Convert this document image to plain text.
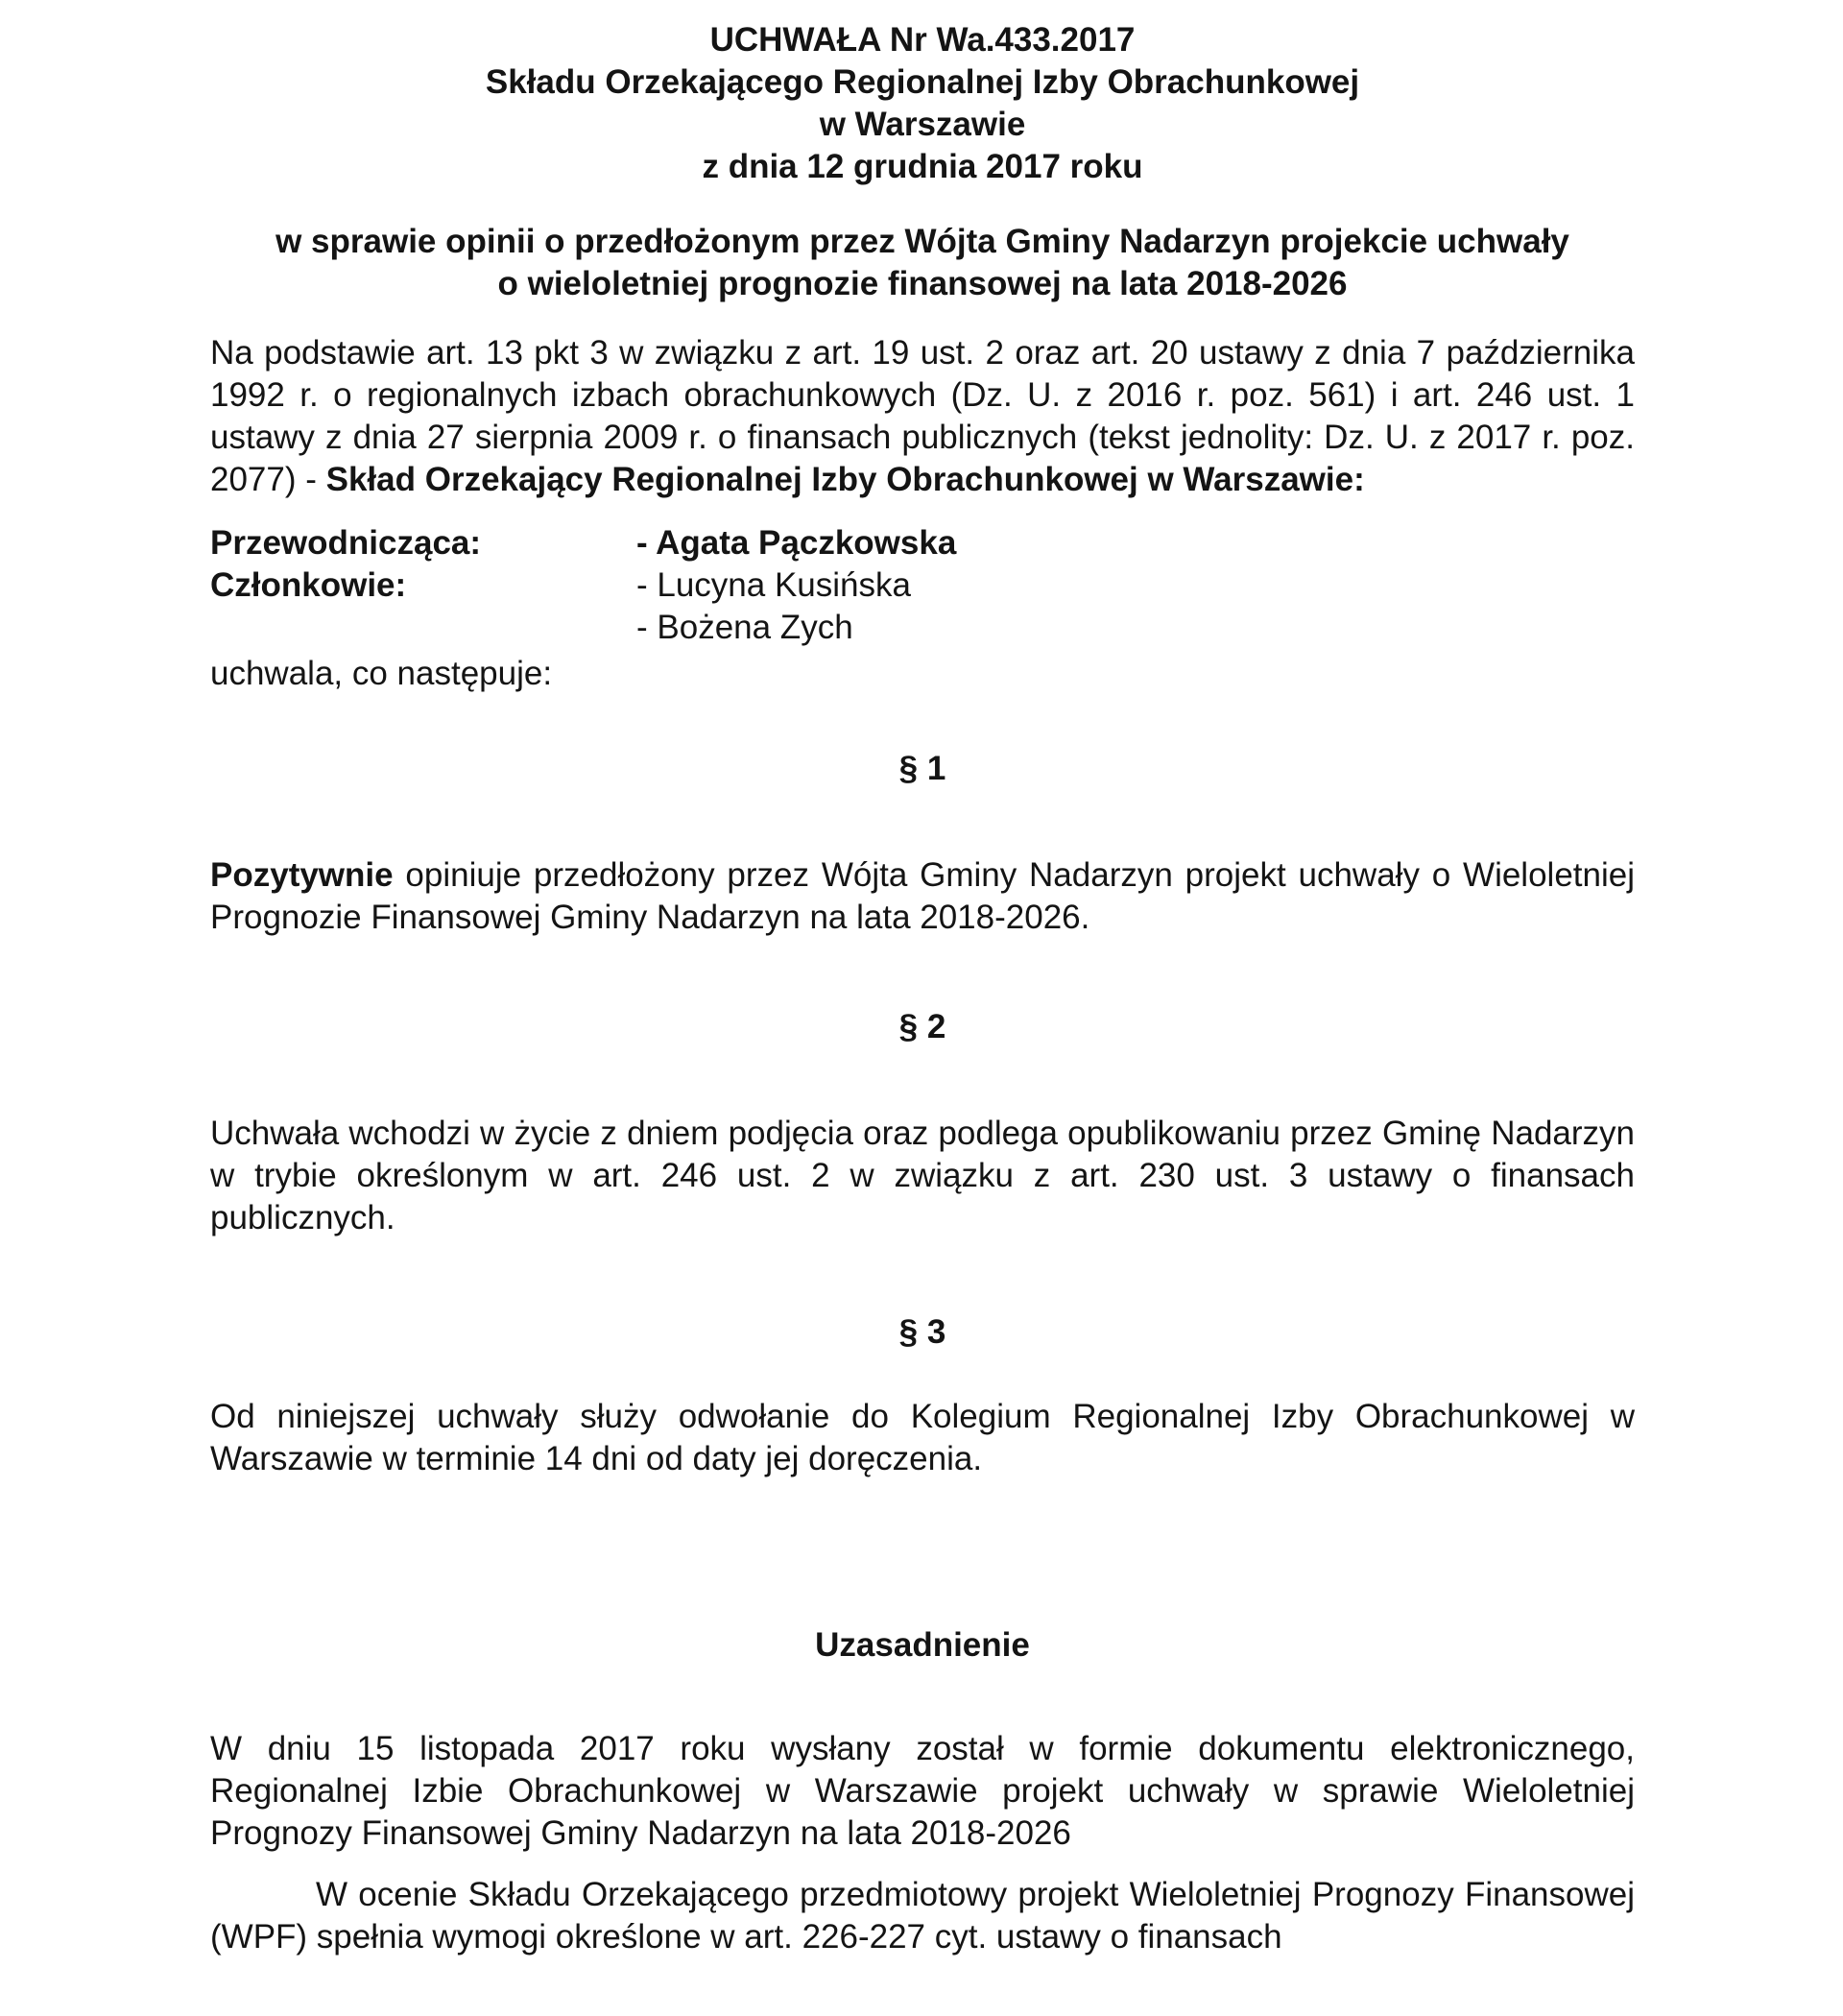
UCHWAŁA Nr Wa.433.2017
Składu Orzekającego Regionalnej Izby Obrachunkowej
w Warszawie
z dnia 12 grudnia 2017 roku
w sprawie opinii o przedłożonym przez Wójta Gminy Nadarzyn projekcie uchwały
o wieloletniej prognozie finansowej na lata 2018-2026

Na podstawie art. 13 pkt 3 w związku z art. 19 ust. 2 oraz art. 20 ustawy z dnia 7 października 1992 r. o regionalnych izbach obrachunkowych (Dz. U. z 2016 r. poz. 561) i art. 246 ust. 1 ustawy z dnia 27 sierpnia 2009 r. o finansach publicznych (tekst jednolity: Dz. U. z 2017 r. poz. 2077) - Skład Orzekający Regionalnej Izby Obrachunkowej w Warszawie:

Przewodnicząca:	- Agata Pączkowska
Członkowie:	- Lucyna Kusińska
- Bożena Zych

uchwala, co następuje:

§ 1

Pozytywnie opiniuje przedłożony przez Wójta Gminy Nadarzyn projekt uchwały o Wieloletniej Prognozie Finansowej Gminy Nadarzyn na lata 2018-2026.

§ 2

Uchwała wchodzi w życie z dniem podjęcia oraz podlega opublikowaniu przez Gminę Nadarzyn w trybie określonym w art. 246 ust. 2 w związku z art. 230 ust. 3 ustawy o finansach publicznych.

§ 3

Od niniejszej uchwały służy odwołanie do Kolegium Regionalnej Izby Obrachunkowej w Warszawie w terminie 14 dni od daty jej doręczenia.

Uzasadnienie

W dniu 15 listopada 2017 roku wysłany został w formie dokumentu elektronicznego, Regionalnej Izbie Obrachunkowej w Warszawie projekt uchwały w sprawie Wieloletniej Prognozy Finansowej Gminy Nadarzyn na lata 2018-2026

W ocenie Składu Orzekającego przedmiotowy projekt Wieloletniej Prognozy Finansowej (WPF) spełnia wymogi określone w art. 226-227 cyt. ustawy o finansach
